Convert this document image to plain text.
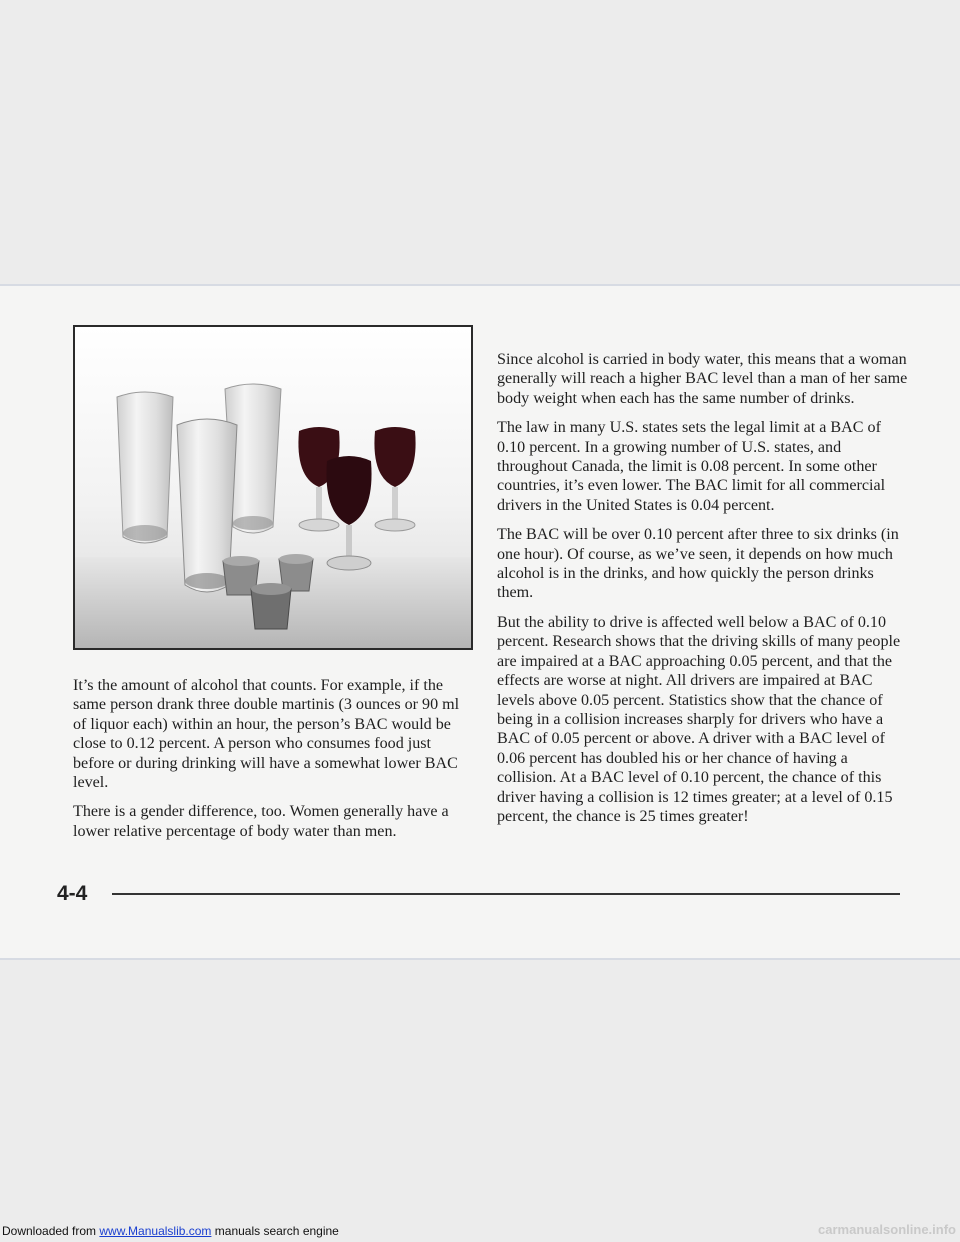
It’s the amount of alcohol that counts. For example, if the same person drank three double martinis (3 ounces or 90 ml of liquor each) within an hour, the person’s BAC would be close to 0.12 percent. A person who consumes food just before or during drinking will have a somewhat lower BAC level.

There is a gender difference, too. Women generally have a lower relative percentage of body water than men.

Since alcohol is carried in body water, this means that a woman generally will reach a higher BAC level than a man of her same body weight when each has the same number of drinks.

The law in many U.S. states sets the legal limit at a BAC of 0.10 percent. In a growing number of U.S. states, and throughout Canada, the limit is 0.08 percent. In some other countries, it’s even lower. The BAC limit for all commercial drivers in the United States is 0.04 percent.

The BAC will be over 0.10 percent after three to six drinks (in one hour). Of course, as we’ve seen, it depends on how much alcohol is in the drinks, and how quickly the person drinks them.

But the ability to drive is affected well below a BAC of 0.10 percent. Research shows that the driving skills of many people are impaired at a BAC approaching 0.05 percent, and that the effects are worse at night. All drivers are impaired at BAC levels above 0.05 percent. Statistics show that the chance of being in a collision increases sharply for drivers who have a BAC of 0.05 percent or above. A driver with a BAC level of 0.06 percent has doubled his or her chance of having a collision. At a BAC level of 0.10 percent, the chance of this driver having a collision is 12 times greater; at a level of 0.15 percent, the chance is 25 times greater!

4-4
Downloaded from www.Manualslib.com manuals search engine	carmanualsonline.info
